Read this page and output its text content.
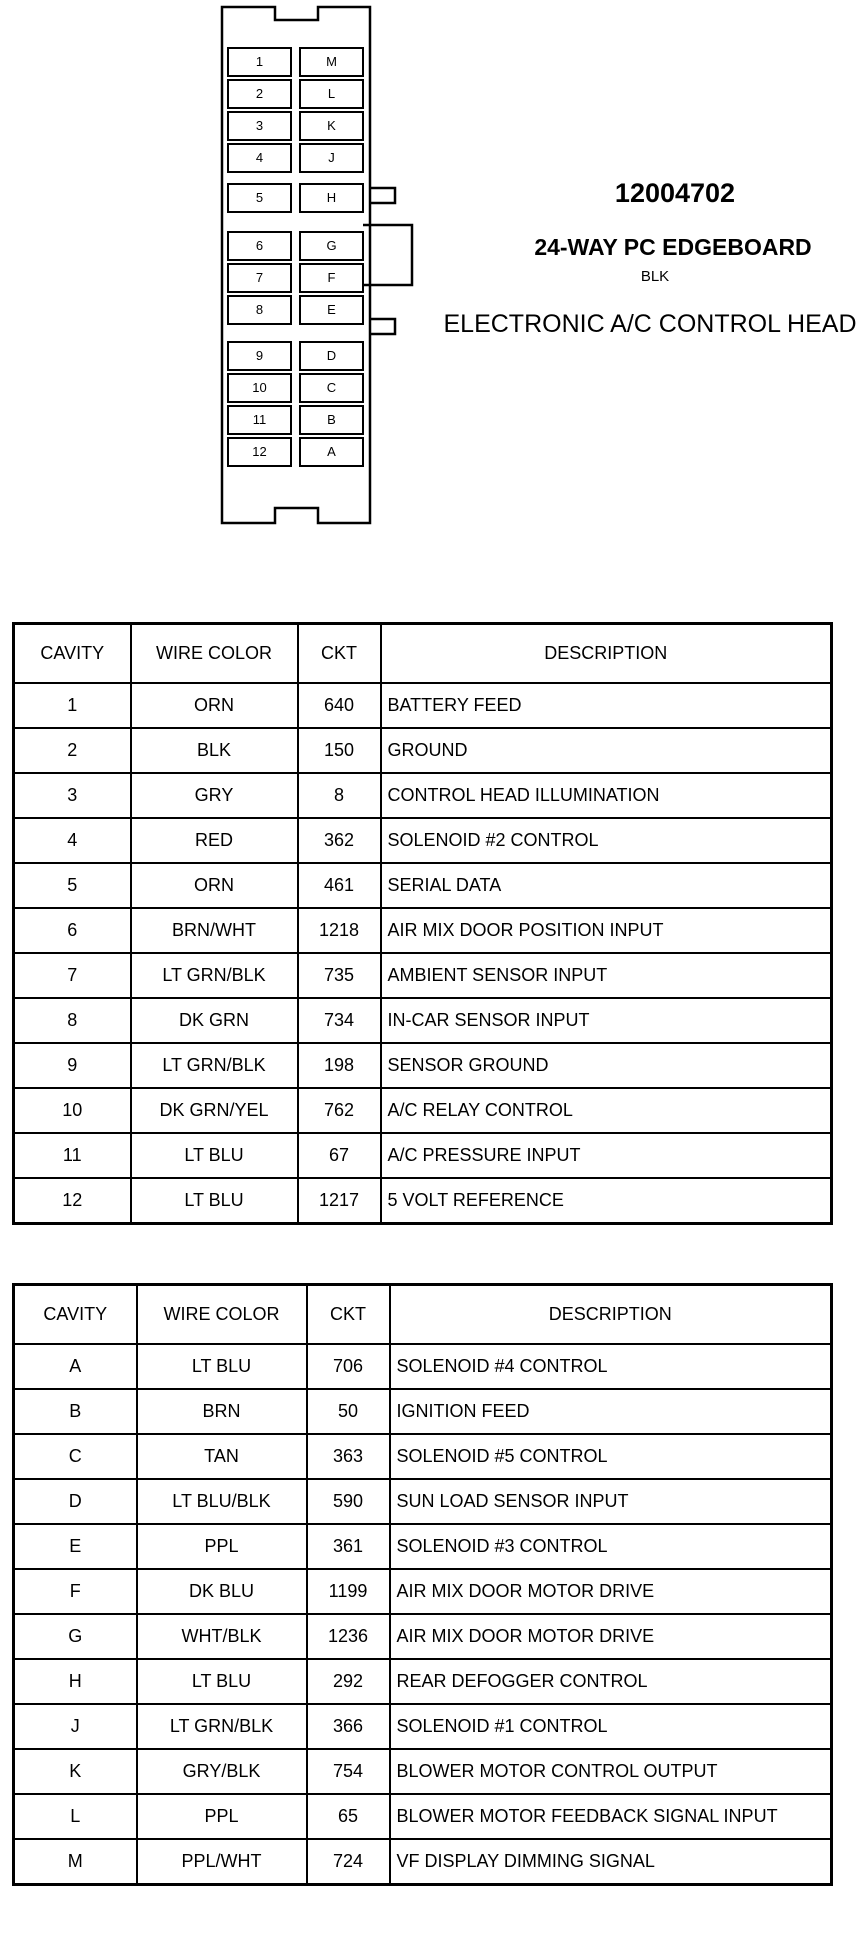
1
2
3
4
5
6
7
8
9
10
11
12
M
L
K
J
H
G
F
E
D
C
B
A
12004702
24-WAY PC EDGEBOARD
BLK
ELECTRONIC A/C CONTROL HEAD
CAVITY	WIRE COLOR	CKT	DESCRIPTION
1	ORN	640	BATTERY FEED
2	BLK	150	GROUND
3	GRY	8	CONTROL HEAD ILLUMINATION
4	RED	362	SOLENOID #2 CONTROL
5	ORN	461	SERIAL DATA
6	BRN/WHT	1218	AIR MIX DOOR POSITION INPUT
7	LT GRN/BLK	735	AMBIENT SENSOR INPUT
8	DK GRN	734	IN-CAR SENSOR INPUT
9	LT GRN/BLK	198	SENSOR GROUND
10	DK GRN/YEL	762	A/C RELAY CONTROL
11	LT BLU	67	A/C PRESSURE INPUT
12	LT BLU	1217	5 VOLT REFERENCE
CAVITY	WIRE COLOR	CKT	DESCRIPTION
A	LT BLU	706	SOLENOID #4 CONTROL
B	BRN	50	IGNITION FEED
C	TAN	363	SOLENOID #5 CONTROL
D	LT BLU/BLK	590	SUN LOAD SENSOR INPUT
E	PPL	361	SOLENOID #3 CONTROL
F	DK BLU	1199	AIR MIX DOOR MOTOR DRIVE
G	WHT/BLK	1236	AIR MIX DOOR MOTOR DRIVE
H	LT BLU	292	REAR DEFOGGER CONTROL
J	LT GRN/BLK	366	SOLENOID #1 CONTROL
K	GRY/BLK	754	BLOWER MOTOR CONTROL OUTPUT
L	PPL	65	BLOWER MOTOR FEEDBACK SIGNAL INPUT
M	PPL/WHT	724	VF DISPLAY DIMMING SIGNAL
